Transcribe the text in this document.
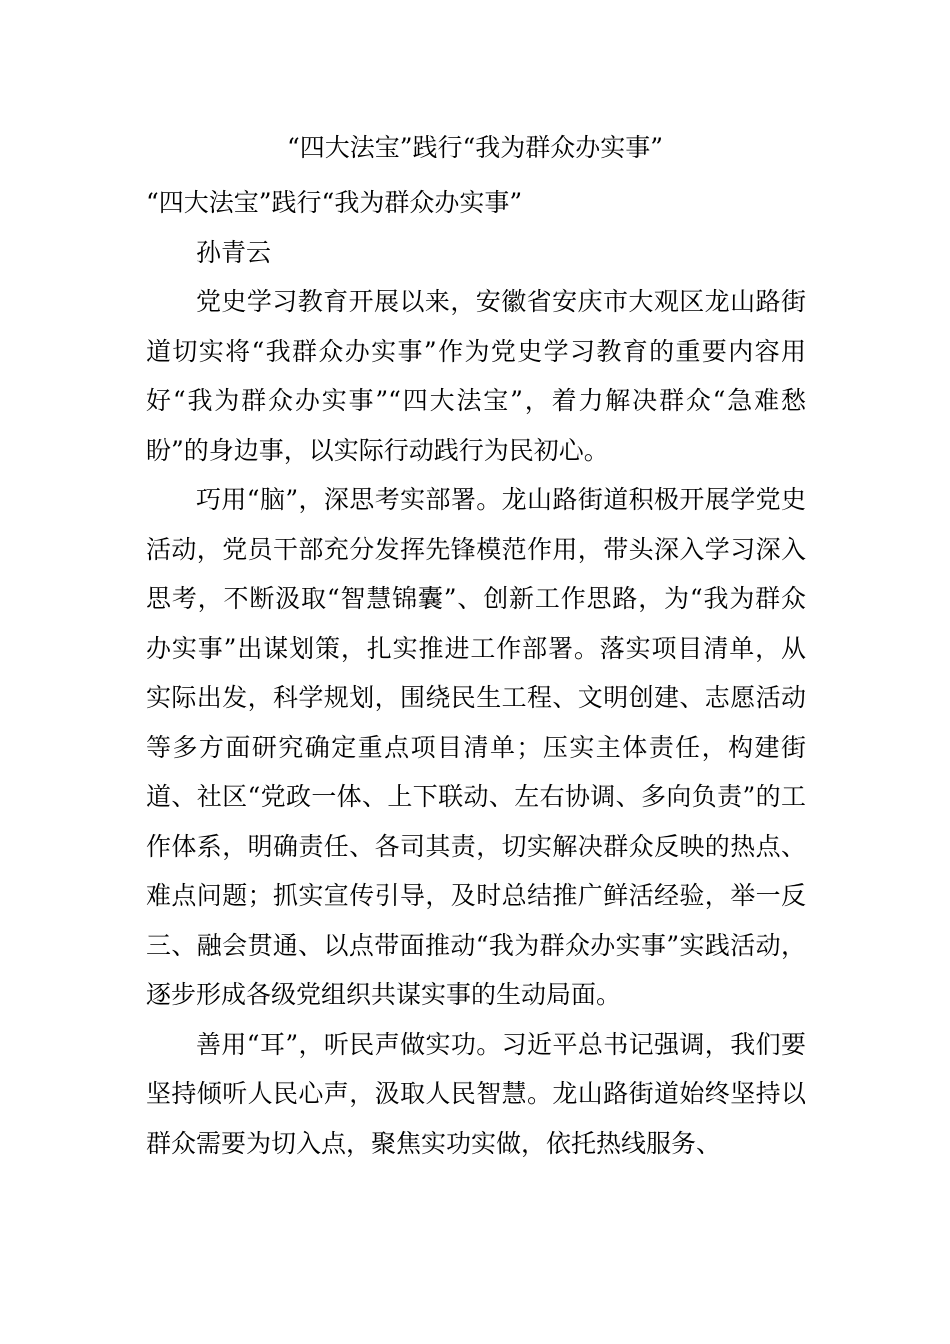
“四大法宝”践行“我为群众办实事”

“四大法宝”践行“我为群众办实事”

孙青云

党史学习教育开展以来，安徽省安庆市大观区龙山路街道切实将“我群众办实事”作为党史学习教育的重要内容用好“我为群众办实事”“四大法宝”，着力解决群众“急难愁盼”的身边事，以实际行动践行为民初心。

巧用“脑”，深思考实部署。龙山路街道积极开展学党史活动，党员干部充分发挥先锋模范作用，带头深入学习深入思考，不断汲取“智慧锦囊”、创新工作思路，为“我为群众办实事”出谋划策，扎实推进工作部署。落实项目清单，从实际出发，科学规划，围绕民生工程、文明创建、志愿活动等多方面研究确定重点项目清单；压实主体责任，构建街道、社区“党政一体、上下联动、左右协调、多向负责”的工作体系，明确责任、各司其责，切实解决群众反映的热点、难点问题；抓实宣传引导，及时总结推广鲜活经验，举一反三、融会贯通、以点带面推动“我为群众办实事”实践活动，逐步形成各级党组织共谋实事的生动局面。

善用“耳”，听民声做实功。习近平总书记强调，我们要坚持倾听人民心声，汲取人民智慧。龙山路街道始终坚持以群众需要为切入点，聚焦实功实做，依托热线服务、
